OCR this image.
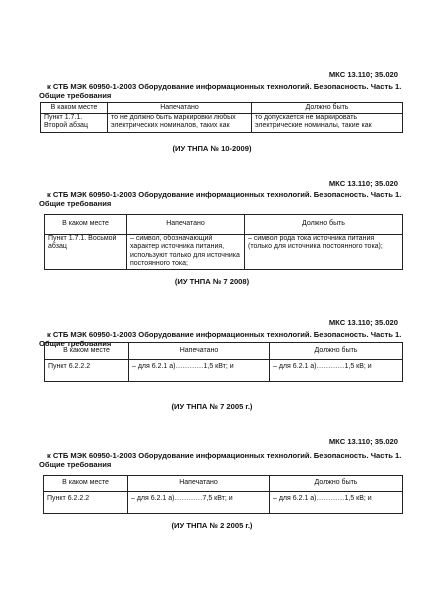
МКС 13.110; 35.020
к СТБ МЭК 60950-1-2003 Оборудование информационных технологий. Безопасность. Часть 1. Общие требования
В каком месте	Напечатано	Должно быть
Пункт 1.7.1. Второй абзац	то не должно быть маркировки любых электрических номиналов, таких как	то допускается не маркировать электрические номиналы, такие как
(ИУ ТНПА № 10-2009)
МКС 13.110; 35.020
к СТБ МЭК 60950-1-2003 Оборудование информационных технологий. Безопасность. Часть 1. Общие требования
В каком месте	Напечатано	Должно быть
Пункт 1.7.1. Восьмой абзац	– символ, обозначающий характер источника питания, используют только для источника постоянного тока;	– символ рода тока источника питания (только для источника постоянного тока);
(ИУ ТНПА № 7 2008)
МКС 13.110; 35.020
к СТБ МЭК 60950-1-2003 Оборудование информационных технологий. Безопасность. Часть 1. Общие требования
В каком месте	Напечатано	Должно быть
Пункт 6.2.2.2	– для 6.2.1 а)…………1,5 кВт; и	– для 6.2.1 а)…………1,5 кВ; и
(ИУ ТНПА № 7 2005 г.)
МКС 13.110; 35.020
к СТБ МЭК 60950-1-2003 Оборудование информационных технологий. Безопасность. Часть 1. Общие требования
В каком месте	Напечатано	Должно быть
Пункт 6.2.2.2	– для 6.2.1 а)…………7,5 кВт; и	– для 6.2.1 а)…………1,5 кВ; и
(ИУ ТНПА № 2 2005 г.)
